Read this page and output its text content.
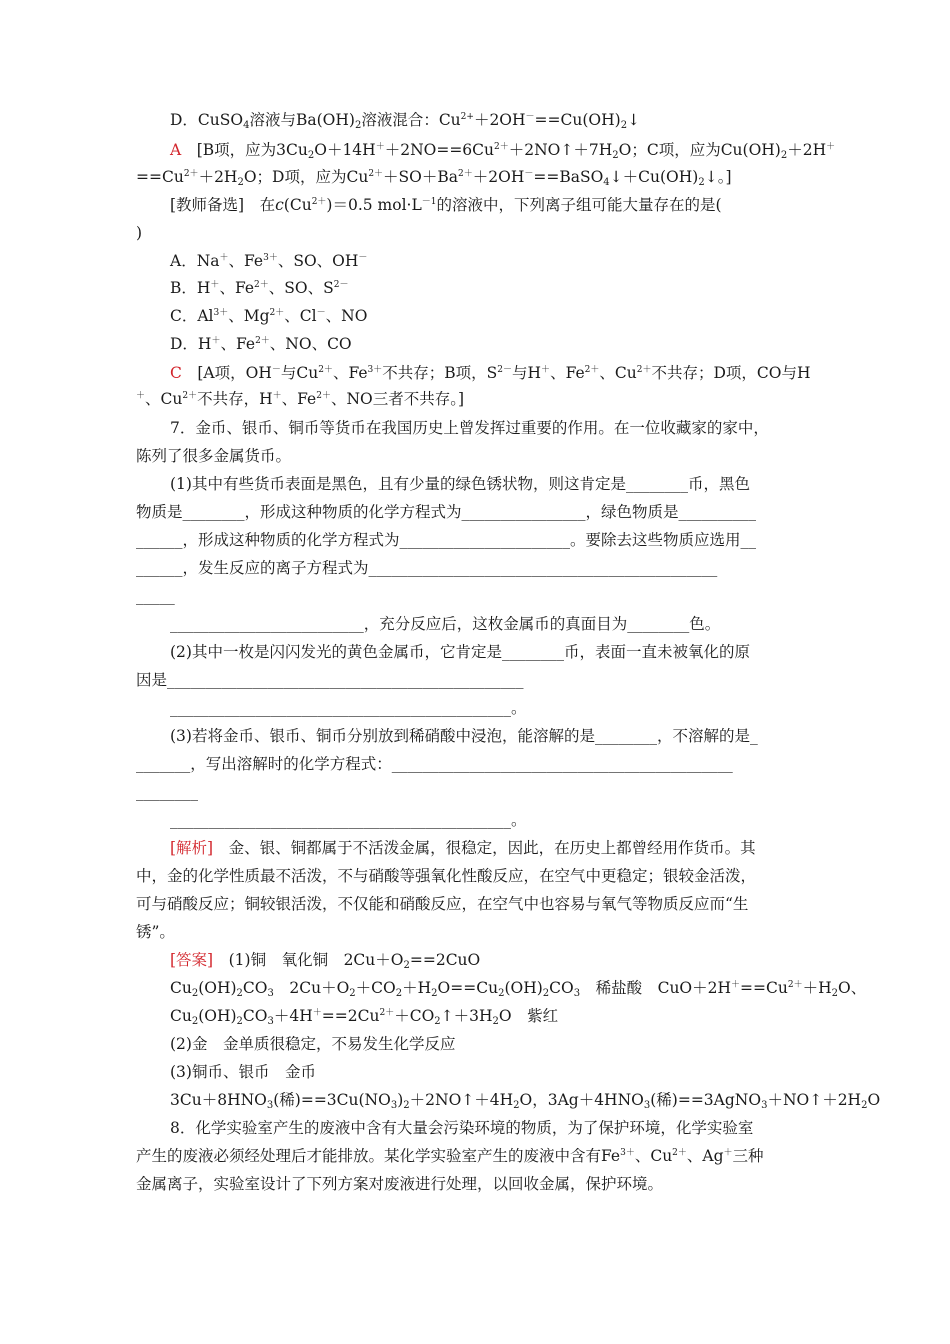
D．CuSO$_4$溶液与$Ba(OH)_2$溶液混合：$Cu^{2+}+2OH^-==Cu(OH)_2↓$
A　[B项，应为$3Cu_2O+14H^++2NO==6Cu^{2+}+2NO↑+7H_2O$；C项，应为$Cu(OH)_2+2H^+$
$==Cu^{2+}+2H_2O$；D项，应为$Cu^{2+}+SO+Ba^{2+}+2OH^-==BaSO_4↓+Cu(OH)_2↓$。]
[教师备选]　在$c(Cu^{2+})=0.5$ $mol\cdot L^{-1}$的溶液中，下列离子组可能大量存在的是(
)
A．Na＋、$Fe^{3+}$、SO、OH－
B．H＋、$Fe^{2+}$、SO、$S^{2-}$
C．$Al^{3+}$、$Mg^{2+}$、Cl－、NO
D．H＋、$Fe^{2+}$、NO、CO
C　[A项，OH－与$Cu^{2+}$、$Fe^{3+}$不共存；B项，$S^{2-}$与H＋、$Fe^{2+}$、$Cu^{2+}$不共存；D项，CO与H
＋、$Cu^{2+}$不共存，H＋、$Fe^{2+}$、NO三者不共存。]
7．金币、银币、铜币等货币在我国历史上曾发挥过重要的作用。在一位收藏家的家中，
陈列了很多金属货币。
(1)其中有些货币表面是黑色，且有少量的绿色锈状物，则这肯定是________币，黑色
物质是________，形成这种物质的化学方程式为________________，绿色物质是__________
______，形成这种物质的化学方程式为______________________。要除去这些物质应选用__
______，发生反应的离子方程式为_____________________________________________
_____
_________________________，充分反应后，这枚金属币的真面目为________色。
(2)其中一枚是闪闪发光的黄色金属币，它肯定是________币，表面一直未被氧化的原
因是______________________________________________
____________________________________________。
(3)若将金币、银币、铜币分别放到稀硝酸中浸泡，能溶解的是________，不溶解的是_
_______，写出溶解时的化学方程式：____________________________________________
________
____________________________________________。
[解析]　金、银、铜都属于不活泼金属，很稳定，因此，在历史上都曾经用作货币。其
中，金的化学性质最不活泼，不与硝酸等强氧化性酸反应，在空气中更稳定；银较金活泼，
可与硝酸反应；铜较银活泼，不仅能和硝酸反应，在空气中也容易与氧气等物质反应而“生
锈”。
[答案]　(1)铜　氧化铜　$2Cu+O_2==2CuO$
$Cu_2(OH)_2CO_3$　$2Cu+O_2+CO_2+H_2O==Cu_2(OH)_2CO_3$　稀盐酸　$CuO+2H^+==Cu^{2+}+H_2O$、
$Cu_2(OH)_2CO_3+4H^+==2Cu^{2+}+CO_2↑+3H_2O$　紫红
(2)金　金单质很稳定，不易发生化学反应
(3)铜币、银币　金币
$3Cu+8HNO_3$(稀)$==3Cu(NO_3)_2+2NO↑+4H_2O$，$3Ag+4HNO_3$(稀)$==3AgNO_3+NO↑+2H_2O$
8．化学实验室产生的废液中含有大量会污染环境的物质，为了保护环境，化学实验室
产生的废液必须经处理后才能排放。某化学实验室产生的废液中含有$Fe^{3+}$、$Cu^{2+}$、Ag＋三种
金属离子，实验室设计了下列方案对废液进行处理，以回收金属，保护环境。
